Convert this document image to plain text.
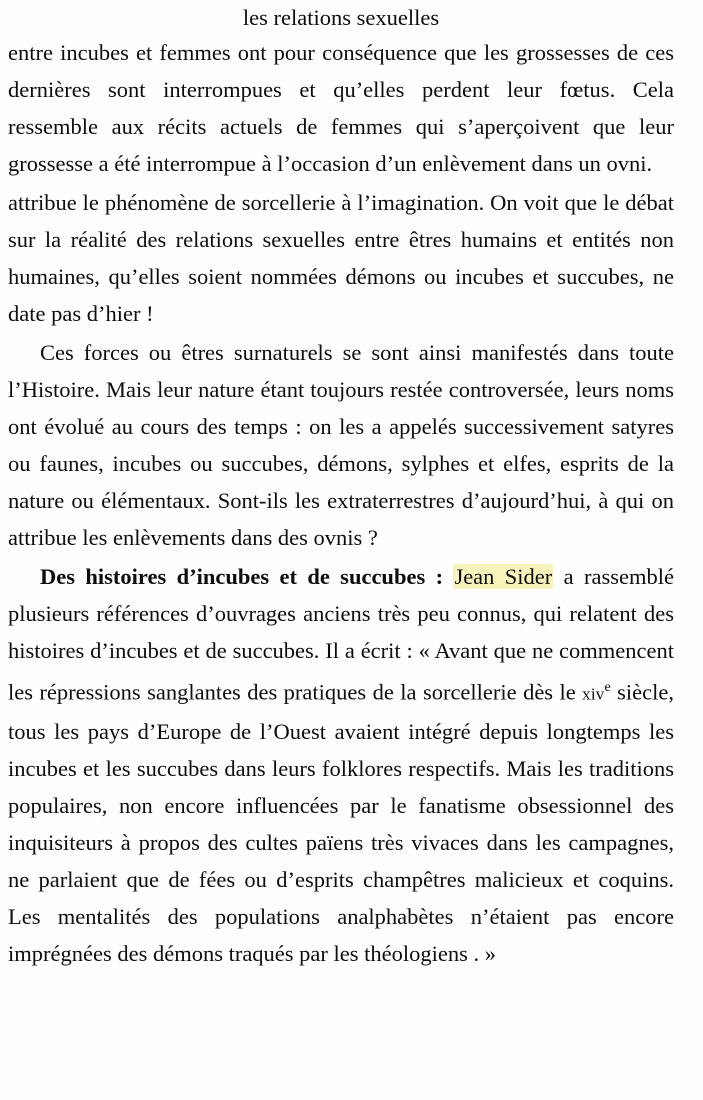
les relations sexuelles

entre incubes et femmes ont pour conséquence que les grossesses de ces dernières sont interrompues et qu’elles perdent leur fœtus. Cela ressemble aux récits actuels de femmes qui s’aperçoivent que leur grossesse a été interrompue à l’occasion d’un enlèvement dans un ovni.

attribue le phénomène de sorcellerie à l’imagination. On voit que le débat sur la réalité des relations sexuelles entre êtres humains et entités non humaines, qu’elles soient nommées démons ou incubes et succubes, ne date pas d’hier !

Ces forces ou êtres surnaturels se sont ainsi manifestés dans toute l’Histoire. Mais leur nature étant toujours restée controversée, leurs noms ont évolué au cours des temps : on les a appelés successivement satyres ou faunes, incubes ou succubes, démons, sylphes et elfes, esprits de la nature ou élémentaux. Sont-ils les extraterrestres d’aujourd’hui, à qui on attribue les enlèvements dans des ovnis ?

Des histoires d’incubes et de succubes : Jean Sider a rassemblé plusieurs références d’ouvrages anciens très peu connus, qui relatent des histoires d’incubes et de succubes. Il a écrit : « Avant que ne commencent les répressions sanglantes des pratiques de la sorcellerie dès le xiv$^e$ siècle, tous les pays d’Europe de l’Ouest avaient intégré depuis longtemps les incubes et les succubes dans leurs folklores respectifs. Mais les traditions populaires, non encore influencées par le fanatisme obsessionnel des inquisiteurs à propos des cultes païens très vivaces dans les campagnes, ne parlaient que de fées ou d’esprits champêtres malicieux et coquins. Les mentalités des populations analphabètes n’étaient pas encore imprégnées des démons traqués par les théologiens . »
